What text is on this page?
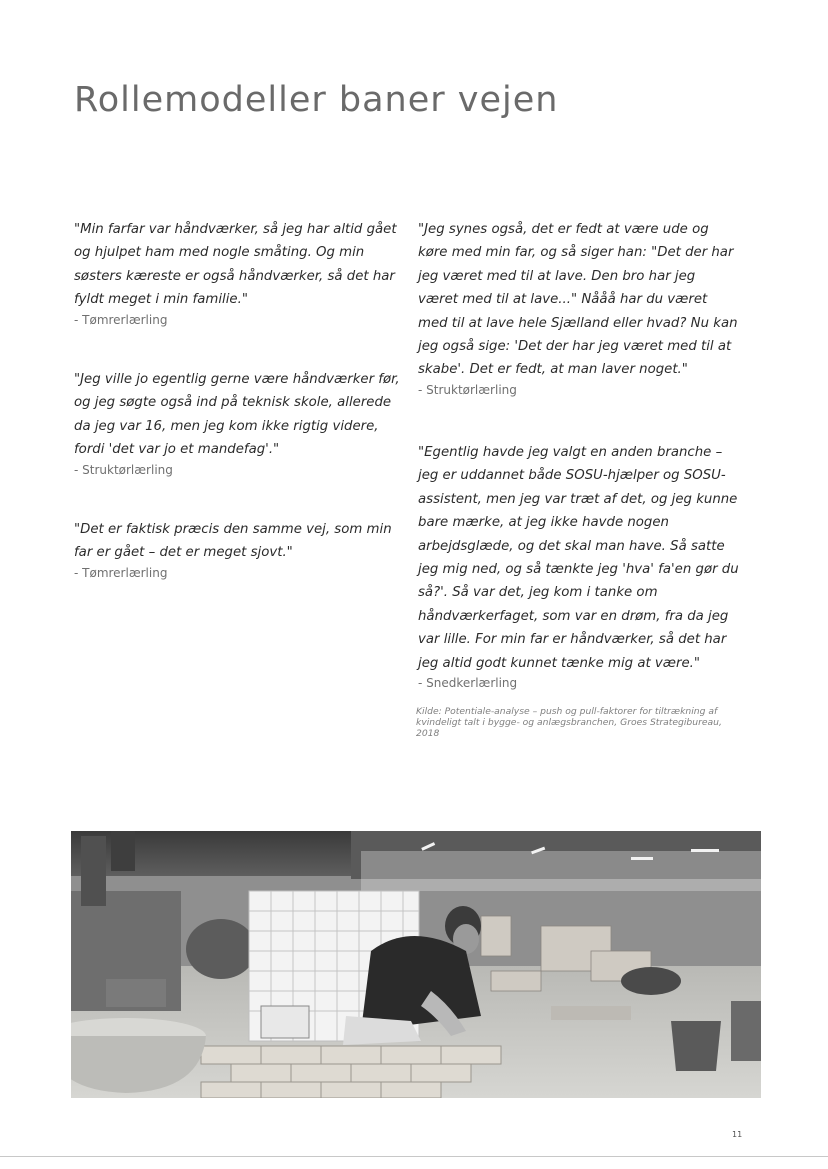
Rollemodeller baner vejen

"Min farfar var håndværker, så jeg har altid gået og hjulpet ham med nogle småting. Og min søsters kæreste er også håndværker, så det har fyldt meget i min familie."

- Tømrerlærling

"Jeg ville jo egentlig gerne være håndværker før, og jeg søgte også ind på teknisk skole, allerede da jeg var 16, men jeg kom ikke rigtig videre, fordi 'det var jo et mandefag'."

- Struktørlærling

"Det er faktisk præcis den samme vej, som min far er gået – det er meget sjovt."

- Tømrerlærling

"Jeg synes også, det er fedt at være ude og køre med min far, og så siger han: "Det der har jeg været med til at lave. Den bro har jeg været med til at lave..." Nååå har du været med til at lave hele Sjælland eller hvad? Nu kan jeg også sige: 'Det der har jeg været med til at skabe'. Det er fedt, at man laver noget."

- Struktørlærling

"Egentlig havde jeg valgt en anden branche – jeg er uddannet både SOSU-hjælper og SOSU-assistent, men jeg var træt af det, og jeg kunne bare mærke, at jeg ikke havde nogen arbejdsglæde, og det skal man have. Så satte jeg mig ned, og så tænkte jeg 'hva' fa'en gør du så?'. Så var det, jeg kom i tanke om håndværkerfaget, som var en drøm, fra da jeg var lille. For min far er håndværker, så det har jeg altid godt kunnet tænke mig at være."

- Snedkerlærling

Kilde: Potentiale-analyse – push og pull-faktorer for tiltrækning af kvindeligt talt i bygge- og anlægsbranchen, Groes Strategibureau, 2018

11
